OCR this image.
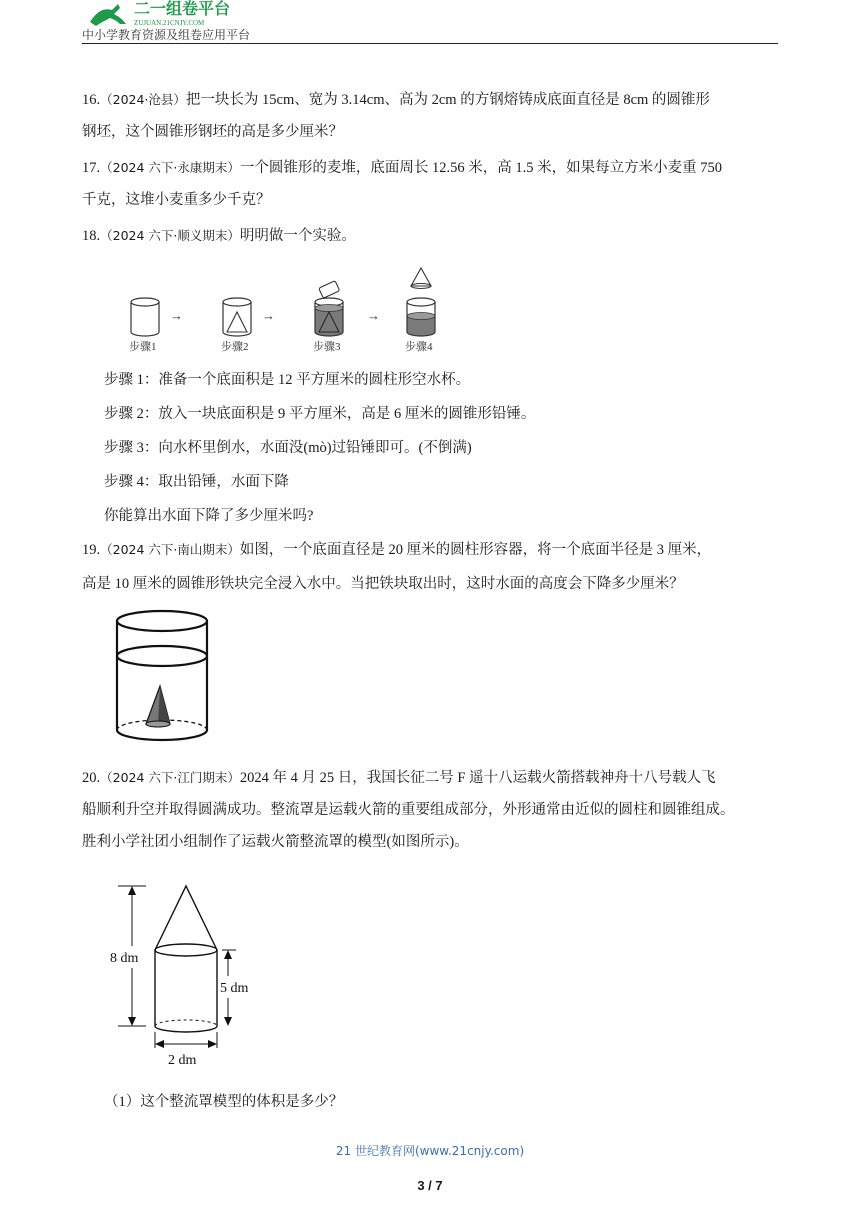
二一组卷平台
ZUJUAN.21CNJY.COM
中小学教育资源及组卷应用平台
16.（2024·沧县）把一块长为 15cm、宽为 3.14cm、高为 2cm 的方钢熔铸成底面直径是 8cm 的圆锥形
钢坯，这个圆锥形钢坯的高是多少厘米？
17.（2024 六下·永康期末）一个圆锥形的麦堆，底面周长 12.56 米，高 1.5 米，如果每立方米小麦重 750
千克，这堆小麦重多少千克？
18.（2024 六下·顺义期末）明明做一个实验。
→	→	→
步骤1	步骤2	步骤3	步骤4
步骤 1：准备一个底面积是 12 平方厘米的圆柱形空水杯。
步骤 2：放入一块底面积是 9 平方厘米，高是 6 厘米的圆锥形铅锤。
步骤 3：向水杯里倒水，水面没(mò)过铅锤即可。(不倒满)
步骤 4：取出铅锤，水面下降
你能算出水面下降了多少厘米吗?
19.（2024 六下·南山期末）如图，一个底面直径是 20 厘米的圆柱形容器，将一个底面半径是 3 厘米，
高是 10 厘米的圆锥形铁块完全浸入水中。当把铁块取出时，这时水面的高度会下降多少厘米？
20.（2024 六下·江门期末）2024 年 4 月 25 日，我国长征二号 F 遥十八运载火箭搭载神舟十八号载人飞
船顺利升空并取得圆满成功。整流罩是运载火箭的重要组成部分，外形通常由近似的圆柱和圆锥组成。
胜利小学社团小组制作了运载火箭整流罩的模型(如图所示)。
8 dm
5 dm
2 dm
（1）这个整流罩模型的体积是多少？
21 世纪教育网(www.21cnjy.com)
3 / 7
